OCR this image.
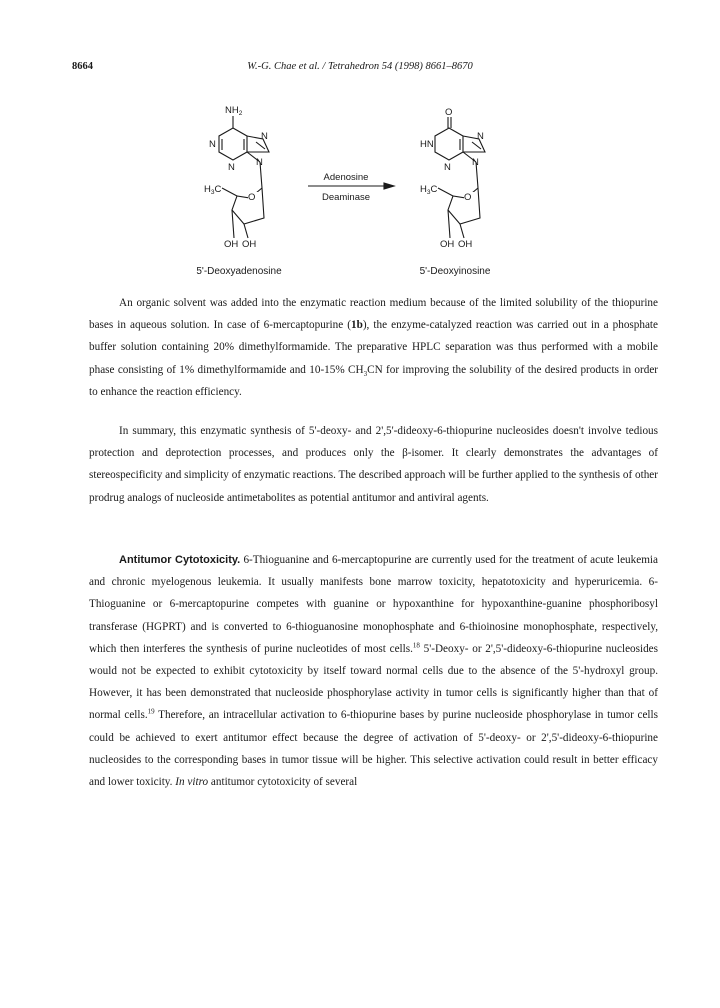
8664	W.-G. Chae et al. / Tetrahedron 54 (1998) 8661–8670
$NH_2$
N
N
N
N
$H_3C$
O
OH OH
5'-Deoxyadenosine
Adenosine
Deaminase
O
HN
N
N
N
$H_3C$
O
OH OH
5'-Deoxyinosine

An organic solvent was added into the enzymatic reaction medium because of the limited solubility of the thiopurine bases in aqueous solution. In case of 6-mercaptopurine (1b), the enzyme-catalyzed reaction was carried out in a phosphate buffer solution containing 20% dimethylformamide. The preparative HPLC separation was thus performed with a mobile phase consisting of 1% dimethylformamide and 10-15% $CH_3CN$ for improving the solubility of the desired products in order to enhance the reaction efficiency.

In summary, this enzymatic synthesis of 5'-deoxy- and 2',5'-dideoxy-6-thiopurine nucleosides doesn't involve tedious protection and deprotection processes, and produces only the β-isomer. It clearly demonstrates the advantages of stereospecificity and simplicity of enzymatic reactions. The described approach will be further applied to the synthesis of other prodrug analogs of nucleoside antimetabolites as potential antitumor and antiviral agents.

Antitumor Cytotoxicity. 6-Thioguanine and 6-mercaptopurine are currently used for the treatment of acute leukemia and chronic myelogenous leukemia. It usually manifests bone marrow toxicity, hepatotoxicity and hyperuricemia. 6-Thioguanine or 6-mercaptopurine competes with guanine or hypoxanthine for hypoxanthine-guanine phosphoribosyl transferase (HGPRT) and is converted to 6-thioguanosine monophosphate and 6-thioinosine monophosphate, respectively, which then interferes the synthesis of purine nucleotides of most cells.$^{18}$ 5'-Deoxy- or 2',5'-dideoxy-6-thiopurine nucleosides would not be expected to exhibit cytotoxicity by itself toward normal cells due to the absence of the 5'-hydroxyl group. However, it has been demonstrated that nucleoside phosphorylase activity in tumor cells is significantly higher than that of normal cells.$^{19}$ Therefore, an intracellular activation to 6-thiopurine bases by purine nucleoside phosphorylase in tumor cells could be achieved to exert antitumor effect because the degree of activation of 5'-deoxy- or 2',5'-dideoxy-6-thiopurine nucleosides to the corresponding bases in tumor tissue will be higher. This selective activation could result in better efficacy and lower toxicity. In vitro antitumor cytotoxicity of several
